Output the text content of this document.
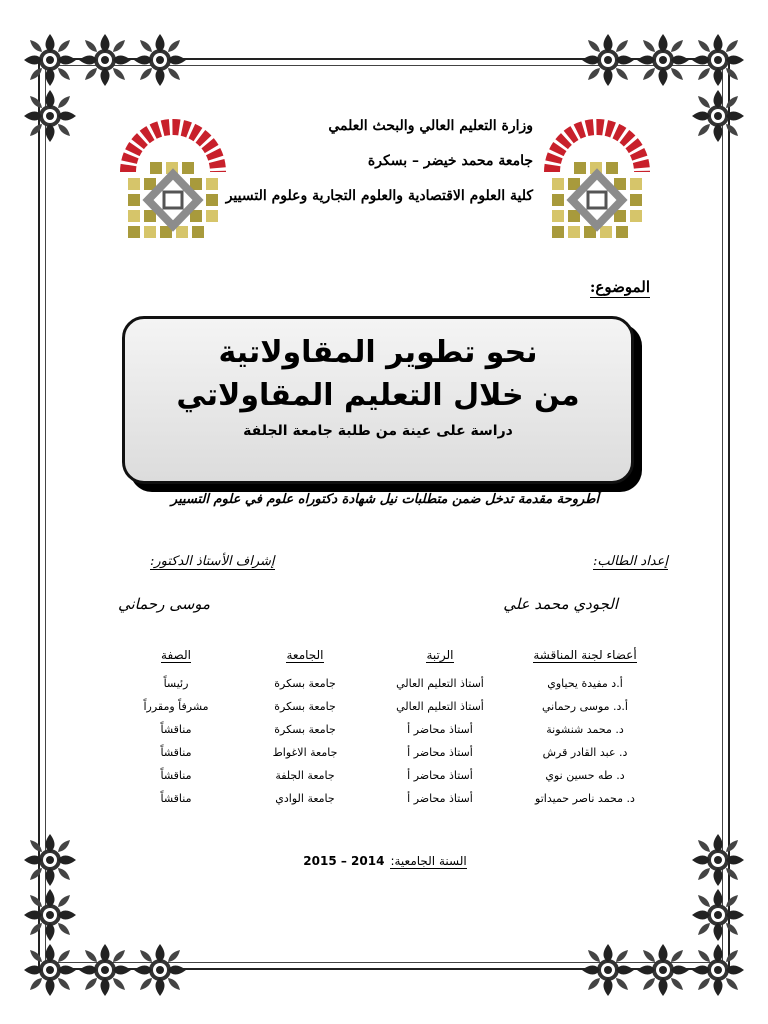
وزارة التعليم العالي والبحث العلمي
جامعة محمد خيضر – بسكرة
كلية العلوم الاقتصادية والعلوم التجارية وعلوم التسيير
الموضوع:
نحو تطوير المقاولاتية
من خلال التعليم المقاولاتي
دراسة على عينة من طلبة جامعة الجلفة
أطروحة مقدمة تدخل ضمن متطلبات نيل شهادة دكتوراه علوم في علوم التسيير
إعداد الطالب:
إشراف الأستاذ الدكتور:
الجودي محمد علي
موسى رحماني
أعضاء لجنة المناقشة	الرتبة	الجامعة	الصفة
أ.د مفيدة يحياوي	أستاذ التعليم العالي	جامعة بسكرة	رئيساً
أ.د. موسى رحماني	أستاذ التعليم العالي	جامعة بسكرة	مشرفاً ومقرراً
د. محمد شنشونة	أستاذ محاضر أ	جامعة بسكرة	مناقشاً
د. عبد القادر قرش	أستاذ محاضر أ	جامعة الاغواط	مناقشاً
د. طه حسين نوي	أستاذ محاضر أ	جامعة الجلفة	مناقشاً
د. محمد ناصر حميداتو	أستاذ محاضر أ	جامعة الوادي	مناقشاً
السنة الجامعية:2014 – 2015
